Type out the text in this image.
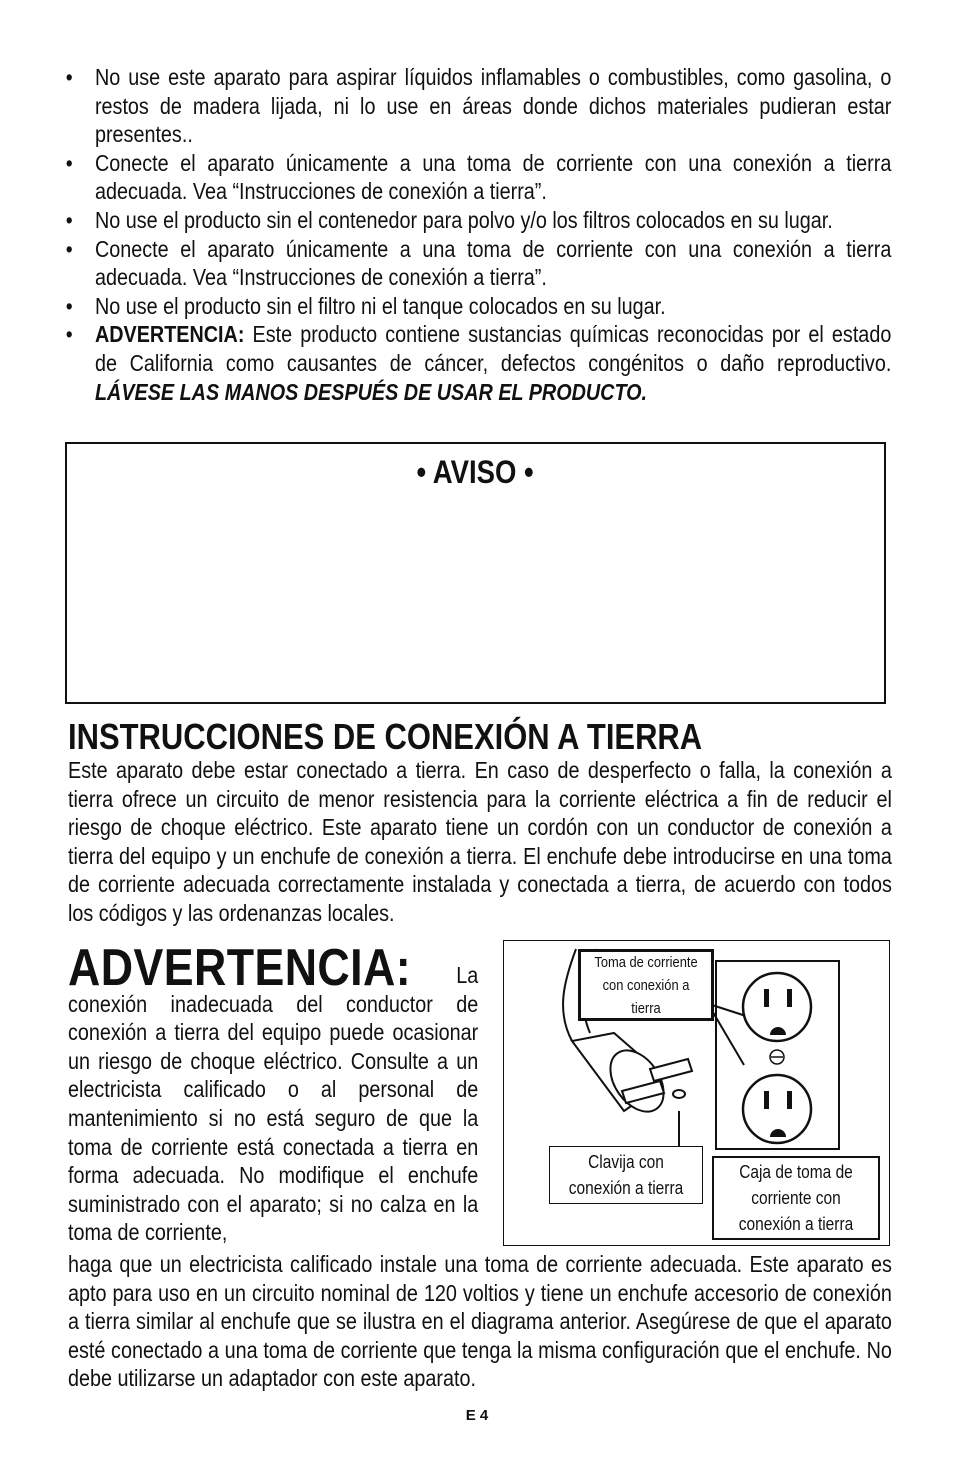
• No use este aparato para aspirar líquidos inflamables o combustibles, como gasolina, o restos de madera lijada, ni lo use en áreas donde dichos materiales pudieran estar presentes..
• Conecte el aparato únicamente a una toma de corriente con una conexión a tierra adecuada. Vea “Instrucciones de conexión a tierra”.
• No use el producto sin el contenedor para polvo y/o los filtros colocados en su lugar.
• Conecte el aparato únicamente a una toma de corriente con una conexión a tierra adecuada. Vea “Instrucciones de conexión a tierra”.
• No use el producto sin el filtro ni el tanque colocados en su lugar.
• ADVERTENCIA: Este producto contiene sustancias químicas reconocidas por el estado de California como causantes de cáncer, defectos congénitos o daño reproductivo. LÁVESE LAS MANOS DESPUÉS DE USAR EL PRODUCTO.
• AVISO •
INSTRUCCIONES DE CONEXIÓN A TIERRA

Este aparato debe estar conectado a tierra. En caso de desperfecto o falla, la conexión a tierra ofrece un circuito de menor resistencia para la corriente eléctrica a fin de reducir el riesgo de choque eléctrico. Este aparato tiene un cordón con un conductor de conexión a tierra del equipo y un enchufe de conexión a tierra. El enchufe debe introducirse en una toma de corriente adecuada correctamente instalada y conectada a tierra, de acuerdo con todos los códigos y las ordenanzas locales.

ADVERTENCIA: La conexión inadecuada del conductor de conexión a tierra del equipo puede ocasionar un riesgo de choque eléctrico. Consulte a un electricista calificado o al personal de mantenimiento si no está seguro de que la toma de corriente está conectada a tierra en forma adecuada. No modifique el enchufe suministrado con el aparato; si no calza en la toma de corriente,

haga que un electricista calificado instale una toma de corriente adecuada. Este aparato es apto para uso en un circuito nominal de 120 voltios y tiene un enchufe accesorio de conexión a tierra similar al enchufe que se ilustra en el diagrama anterior. Asegúrese de que el aparato esté conectado a una toma de corriente que tenga la misma configuración que el enchufe. No debe utilizarse un adaptador con este aparato.

Toma de corriente con conexión a tierra
Clavija con conexión a tierra
Caja de toma de corriente con conexión a tierra
E 4
